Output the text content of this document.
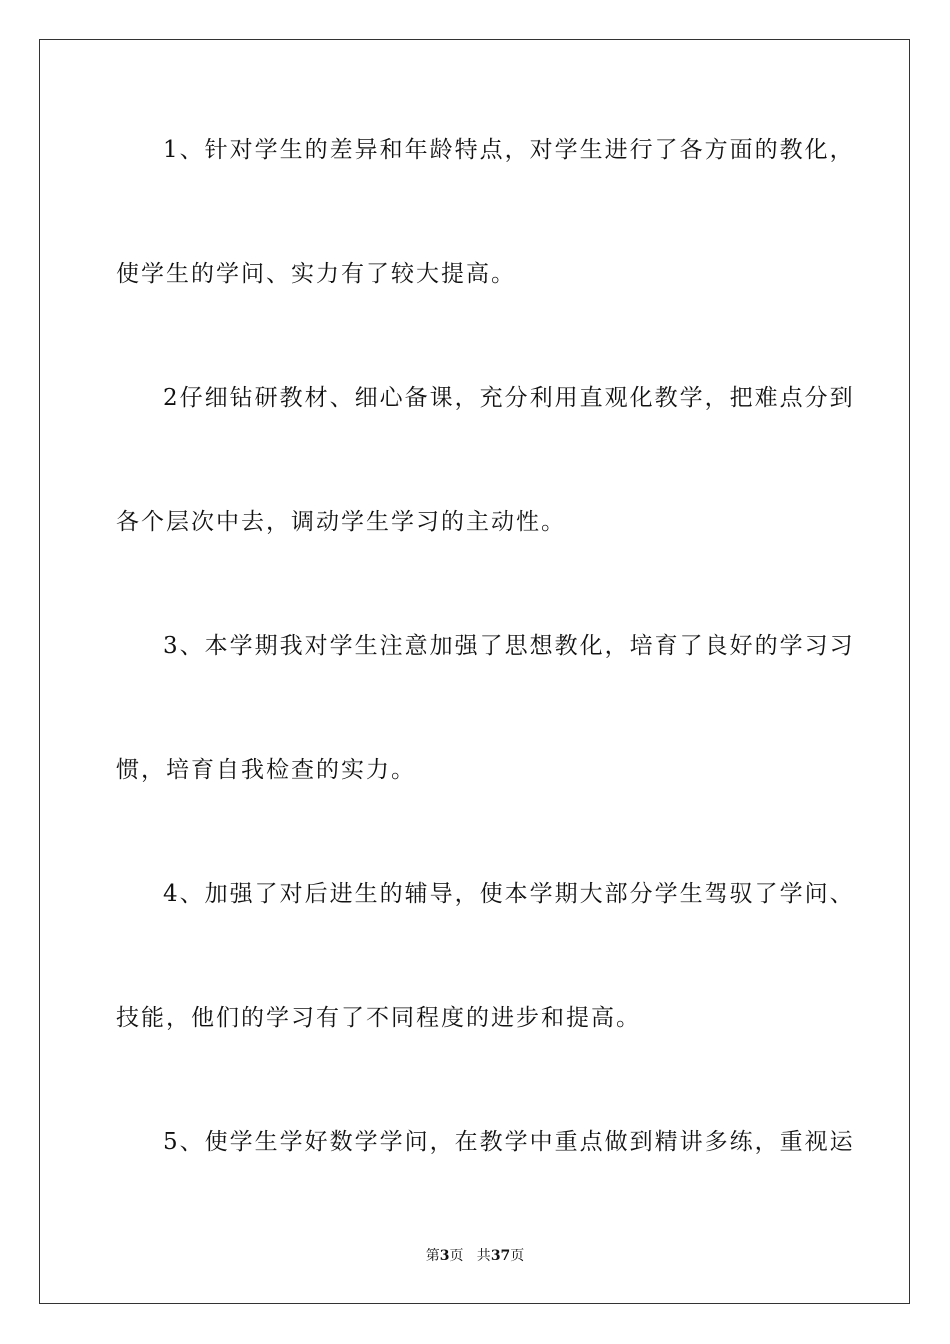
1、针对学生的差异和年龄特点，对学生进行了各方面的教化，
使学生的学问、实力有了较大提高。
2仔细钻研教材、细心备课，充分利用直观化教学，把难点分到
各个层次中去，调动学生学习的主动性。
3、本学期我对学生注意加强了思想教化，培育了良好的学习习
惯，培育自我检查的实力。
4、加强了对后进生的辅导，使本学期大部分学生驾驭了学问、
技能，他们的学习有了不同程度的进步和提高。
5、使学生学好数学学问，在教学中重点做到精讲多练，重视运
第3页   共37页
